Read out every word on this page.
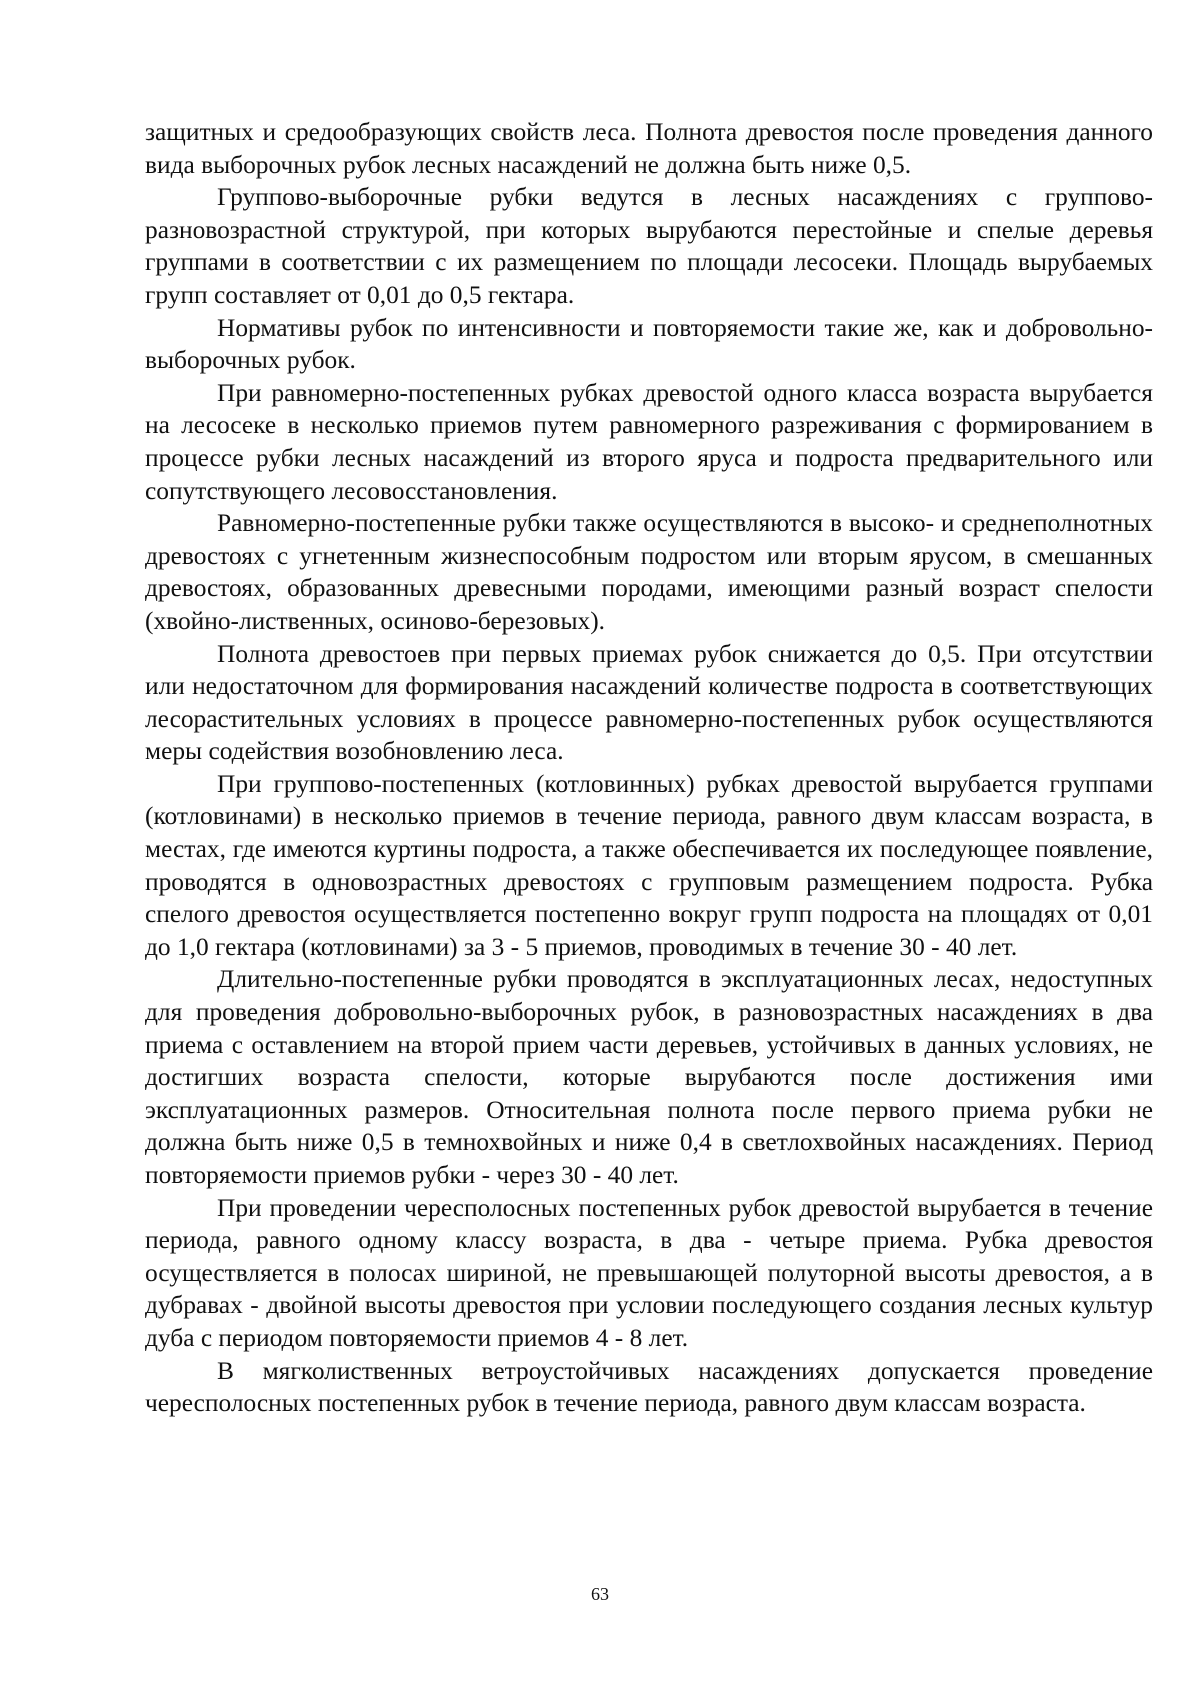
защитных и средообразующих свойств леса. Полнота древостоя после проведения данного вида выборочных рубок лесных насаждений не должна быть ниже 0,5.

Группово-выборочные рубки ведутся в лесных насаждениях с группово-разновозрастной структурой, при которых вырубаются перестойные и спелые деревья группами в соответствии с их размещением по площади лесосеки. Площадь вырубаемых групп составляет от 0,01 до 0,5 гектара.

Нормативы рубок по интенсивности и повторяемости такие же, как и добровольно-выборочных рубок.

При равномерно-постепенных рубках древостой одного класса возраста вырубается на лесосеке в несколько приемов путем равномерного разреживания с формированием в процессе рубки лесных насаждений из второго яруса и подроста предварительного или сопутствующего лесовосстановления.

Равномерно-постепенные рубки также осуществляются в высоко- и среднеполнотных древостоях с угнетенным жизнеспособным подростом или вторым ярусом, в смешанных древостоях, образованных древесными породами, имеющими разный возраст спелости (хвойно-лиственных, осиново-березовых).

Полнота древостоев при первых приемах рубок снижается до 0,5. При отсутствии или недостаточном для формирования насаждений количестве подроста в соответствующих лесорастительных условиях в процессе равномерно-постепенных рубок осуществляются меры содействия возобновлению леса.

При группово-постепенных (котловинных) рубках древостой вырубается группами (котловинами) в несколько приемов в течение периода, равного двум классам возраста, в местах, где имеются куртины подроста, а также обеспечивается их последующее появление, проводятся в одновозрастных древостоях с групповым размещением подроста. Рубка спелого древостоя осуществляется постепенно вокруг групп подроста на площадях от 0,01 до 1,0 гектара (котловинами) за 3 - 5 приемов, проводимых в течение 30 - 40 лет.

Длительно-постепенные рубки проводятся в эксплуатационных лесах, недоступных для проведения добровольно-выборочных рубок, в разновозрастных насаждениях в два приема с оставлением на второй прием части деревьев, устойчивых в данных условиях, не достигших возраста спелости, которые вырубаются после достижения ими эксплуатационных размеров. Относительная полнота после первого приема рубки не должна быть ниже 0,5 в темнохвойных и ниже 0,4 в светлохвойных насаждениях. Период повторяемости приемов рубки - через 30 - 40 лет.

При проведении чересполосных постепенных рубок древостой вырубается в течение периода, равного одному классу возраста, в два - четыре приема. Рубка древостоя осуществляется в полосах шириной, не превышающей полуторной высоты древостоя, а в дубравах - двойной высоты древостоя при условии последующего создания лесных культур дуба с периодом повторяемости приемов 4 - 8 лет.

В мягколиственных ветроустойчивых насаждениях допускается проведение чересполосных постепенных рубок в течение периода, равного двум классам возраста.

63
